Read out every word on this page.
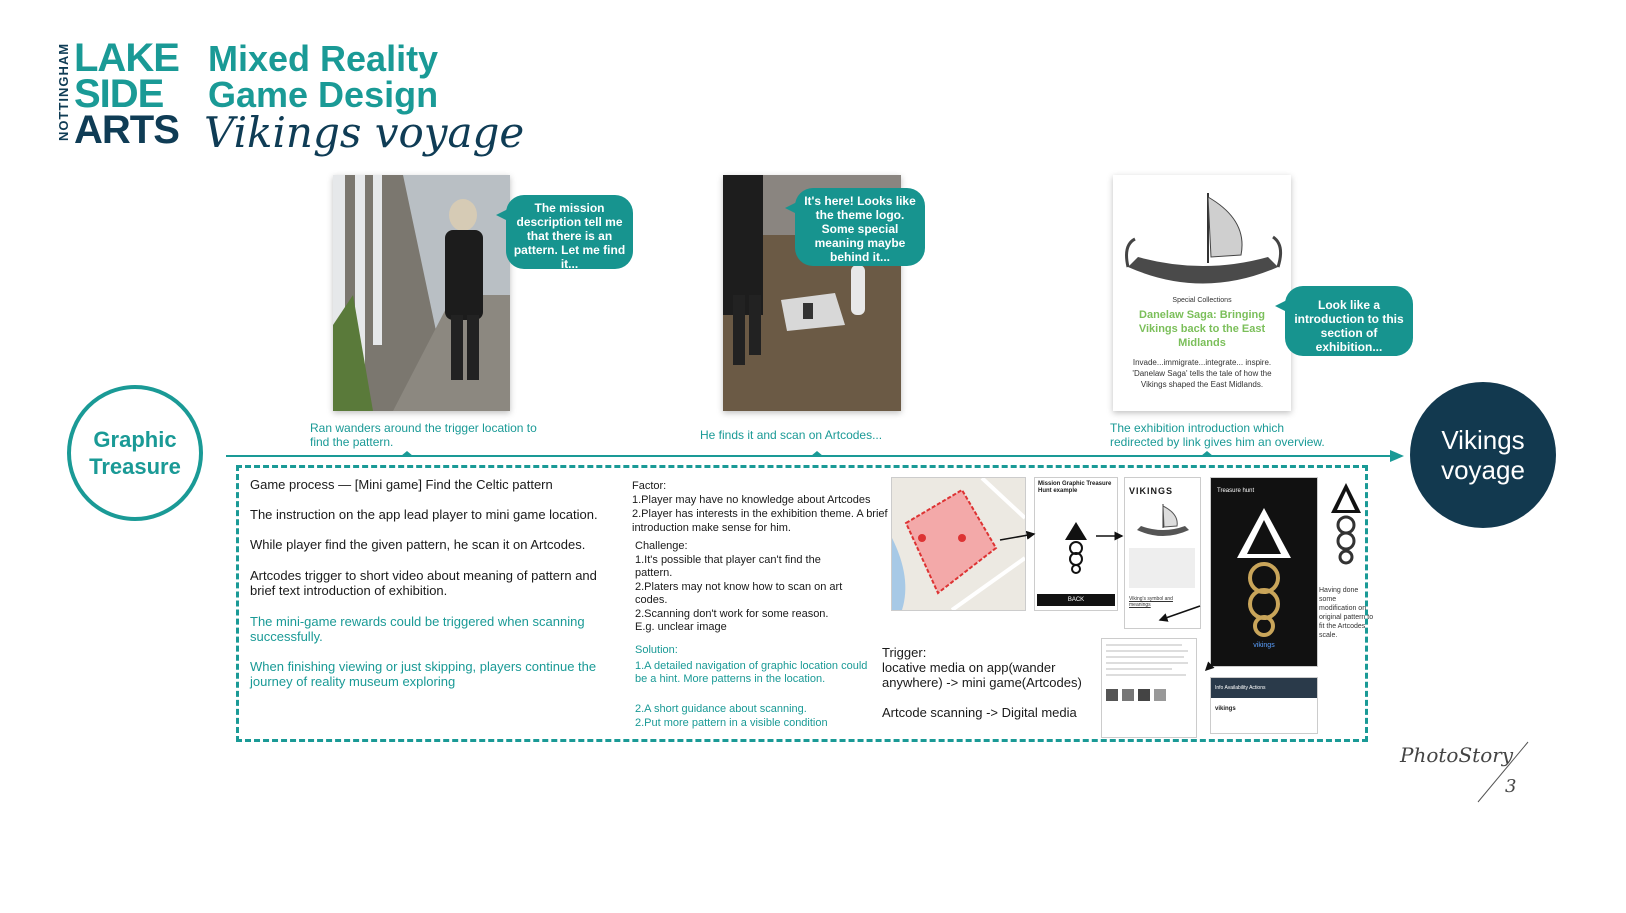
NOTTINGHAM LAKE
SIDE
ARTS
Mixed Reality
Game Design
Vikings voyage
The mission description tell me that there is an pattern. Let me find it...
It's here! Looks like the theme logo. Some special meaning maybe behind it...
Special Collections
Danelaw Saga: Bringing Vikings back to the East Midlands
Invade...immigrate...integrate... inspire. 'Danelaw Saga' tells the tale of how the Vikings shaped the East Midlands.
Look like a introduction to this section of exhibition...
Ran wanders around the trigger location to find the pattern.	He finds it and scan on Artcodes...	The exhibition introduction which redirected by link gives him an overview.
Graphic Treasure
Vikings voyage
Game process — [Mini game] Find the Celtic pattern
The instruction on the app lead player to mini game location.
While player find the given pattern, he scan it on Artcodes.
Artcodes trigger to short video about meaning of pattern and brief text introduction of exhibition.
The mini-game rewards could be triggered when scanning successfully.
When finishing viewing or just skipping, players continue the journey of reality museum exploring
Factor:
1.Player may have no knowledge about Artcodes 2.Player has interests in the exhibition theme. A brief introduction make sense for him.
Challenge:
1.It's possible that player can't find the pattern.
2.Platers may not know how to scan on art codes.
2.Scanning don't work for some reason. E.g. unclear image
Solution:
1.A detailed navigation of graphic location could be a hint. More patterns in the location.
2.A short guidance about scanning.
2.Put more pattern in a visible condition
Trigger:
locative media on app(wander anywhere) -> mini game(Artcodes)
Artcode scanning -> Digital media
Mission Graphic Treasure Hunt example
BACK
VIKINGS
Viking's symbol and meanings
Treasure hunt
vikings
Info Availability Actions
vikings
Having done some modification on original pattern to fit the Artcodes scale.
PhotoStory
3
